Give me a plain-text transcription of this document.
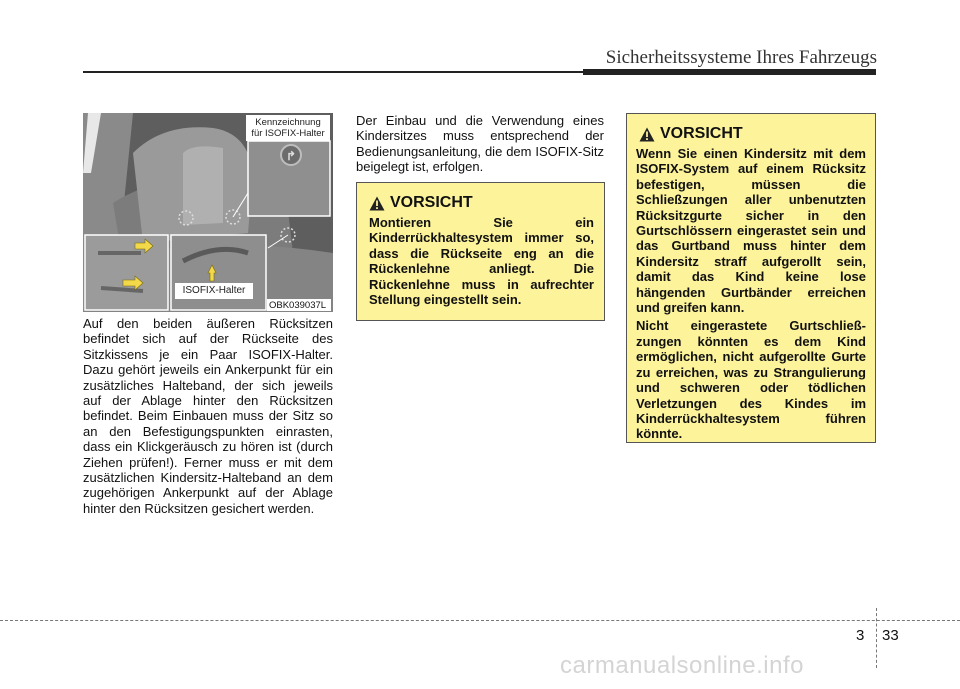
Sicherheitssysteme Ihres Fahrzeugs
↱
Kennzeichnung
für ISOFIX-Halter
ISOFIX-Halter
OBK039037L
Auf den beiden äußeren Rücksitzen befindet sich auf der Rückseite des Sitzkissens je ein Paar ISOFIX-Halter. Dazu gehört jeweils ein Ankerpunkt für ein zusätzliches Halteband, der sich jeweils auf der Ablage hinter den Rücksitzen befindet. Beim Einbauen muss der Sitz so an den Befestigungspunkten einrasten, dass ein Klickgeräusch zu hören ist (durch Ziehen prüfen!). Ferner muss er mit dem zusätzlichen Kindersitz-Halteband an dem zugehörigen Ankerpunkt auf der Ablage hinter den Rücksitzen gesichert werden.
Der Einbau und die Verwendung eines Kindersitzes muss entsprechend der Bedienungsanleitung, die dem ISOFIX-Sitz beigelegt ist, erfolgen.
VORSICHT
Montieren Sie ein Kinderrückhaltesystem immer so, dass die Rückseite eng an die Rückenlehne anliegt. Die Rückenlehne muss in aufrechter Stellung eingestellt sein.
VORSICHT

Wenn Sie einen Kindersitz mit dem ISOFIX-System auf einem Rücksitz befestigen, müssen die Schließzungen aller unbenutzten Rücksitzgurte sicher in den Gurtschlössern eingerastet sein und das Gurtband muss hinter dem Kindersitz straff aufgerollt sein, damit das Kind keine lose hängenden Gurtbänder erreichen und greifen kann.

Nicht eingerastete Gurtschließ-zungen könnten es dem Kind ermöglichen, nicht aufgerollte Gurte zu erreichen, was zu Strangulierung und schweren oder tödlichen Verletzungen des Kindes im Kinderrückhaltesystem führen könnte.

3 33
carmanualsonline.info
